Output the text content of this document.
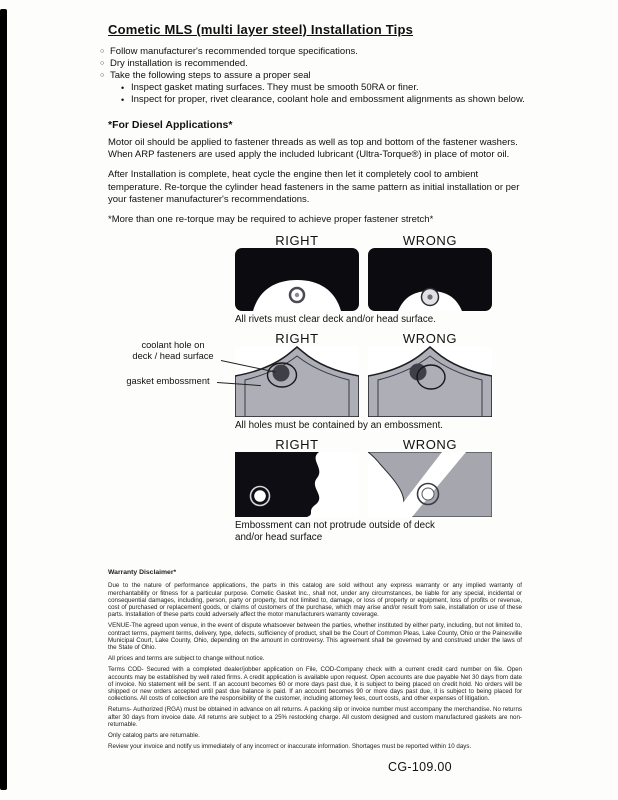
Cometic MLS (multi layer steel) Installation Tips
○ Follow manufacturer's recommended torque specifications.
○ Dry installation is recommended.
○ Take the following steps to assure a proper seal
• Inspect gasket mating surfaces. They must be smooth 50RA or finer.
• Inspect for proper, rivet clearance, coolant hole and embossment alignments as shown below.
*For Diesel Applications*

Motor oil should be applied to fastener threads as well as top and bottom of the fastener washers. When ARP fasteners are used apply the included lubricant (Ultra-Torque®) in place of motor oil.

After Installation is complete, heat cycle the engine then let it completely cool to ambient temperature. Re-torque the cylinder head fasteners in the same pattern as initial installation or per your fastener manufacturer's recommendations.

*More than one re-torque may be required to achieve proper fastener stretch*

RIGHT	WRONG
All rivets must clear deck and/or head surface.
coolant hole on
deck / head surface
gasket embossment
RIGHT	WRONG
All holes must be contained by an embossment.
RIGHT	WRONG
Embossment can not protrude outside of deck and/or head surface
Warranty Disclaimer*

Due to the nature of performance applications, the parts in this catalog are sold without any express warranty or any implied warranty of merchantability or fitness for a particular purpose. Cometic Gasket Inc., shall not, under any circumstances, be liable for any special, incidental or consequential damages, including, person, party or property, but not limited to, damage, or loss of property or equipment, loss of profits or revenue, cost of purchased or replacement goods, or claims of customers of the purchase, which may arise and/or result from sale, installation or use of these parts. Installation of these parts could adversely affect the motor manufacturers warranty coverage.

VENUE-The agreed upon venue, in the event of dispute whatsoever between the parties, whether instituted by either party, including, but not limited to, contract terms, payment terms, delivery, type, defects, sufficiency of product, shall be the Court of Common Pleas, Lake County, Ohio or the Painesville Municipal Court, Lake County, Ohio, depending on the amount in controversy. This agreement shall be governed by and construed under the laws of the State of Ohio.

All prices and terms are subject to change without notice.

Terms COD- Secured with a completed dealer/jobber application on File, COD-Company check with a current credit card number on file. Open accounts may be established by well rated firms. A credit application is available upon request. Open accounts are due payable Net 30 days from date of invoice. No statement will be sent. If an account becomes 60 or more days past due, it is subject to being placed on credit hold. No orders will be shipped or new orders accepted until past due balance is paid. If an account becomes 90 or more days past due, it is subject to being placed for collections. All costs of collection are the responsibility of the customer, including attorney fees, court costs, and other expenses of litigation.

Returns- Authorized (RGA) must be obtained in advance on all returns. A packing slip or invoice number must accompany the merchandise. No returns after 30 days from invoice date. All returns are subject to a 25% restocking charge. All custom designed and custom manufactured gaskets are non-returnable.

Only catalog parts are returnable.

Review your invoice and notify us immediately of any incorrect or inaccurate information. Shortages must be reported within 10 days.

CG-109.00
